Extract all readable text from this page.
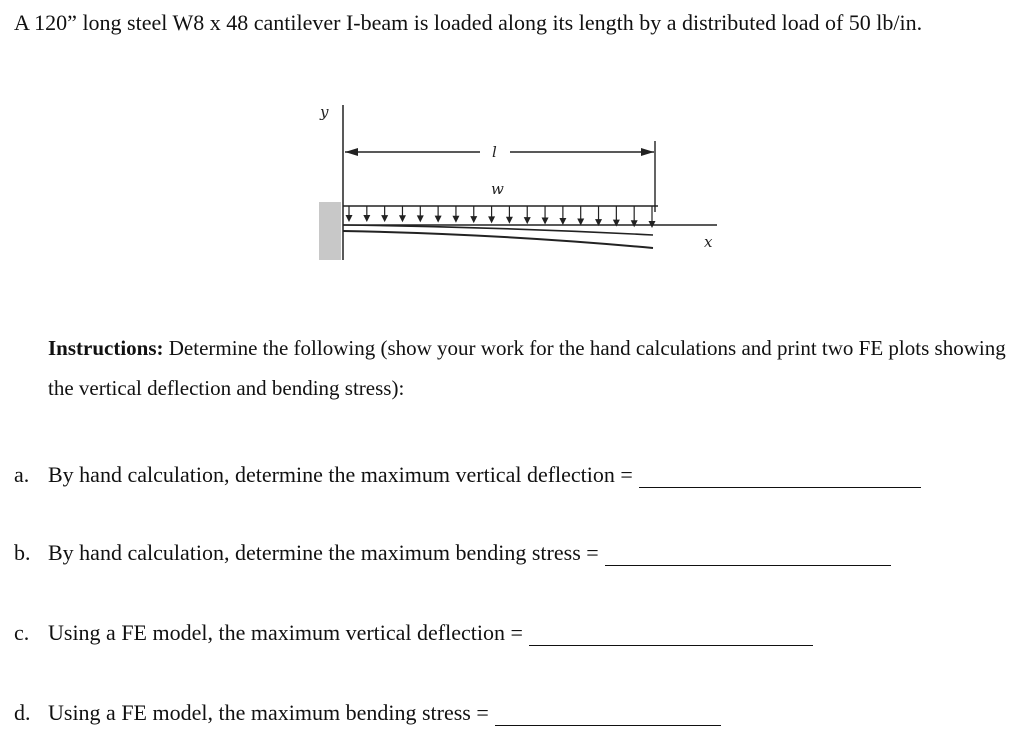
A 120” long steel W8 x 48 cantilever I-beam is loaded along its length by a distributed load of 50 lb/in.
y
l
w
x
Instructions: Determine the following (show your work for the hand calculations and print two FE plots showing the vertical deflection and bending stress):
a. By hand calculation, determine the maximum vertical deflection =
b. By hand calculation, determine the maximum bending stress =
c. Using a FE model, the maximum vertical deflection =
d. Using a FE model, the maximum bending stress =
